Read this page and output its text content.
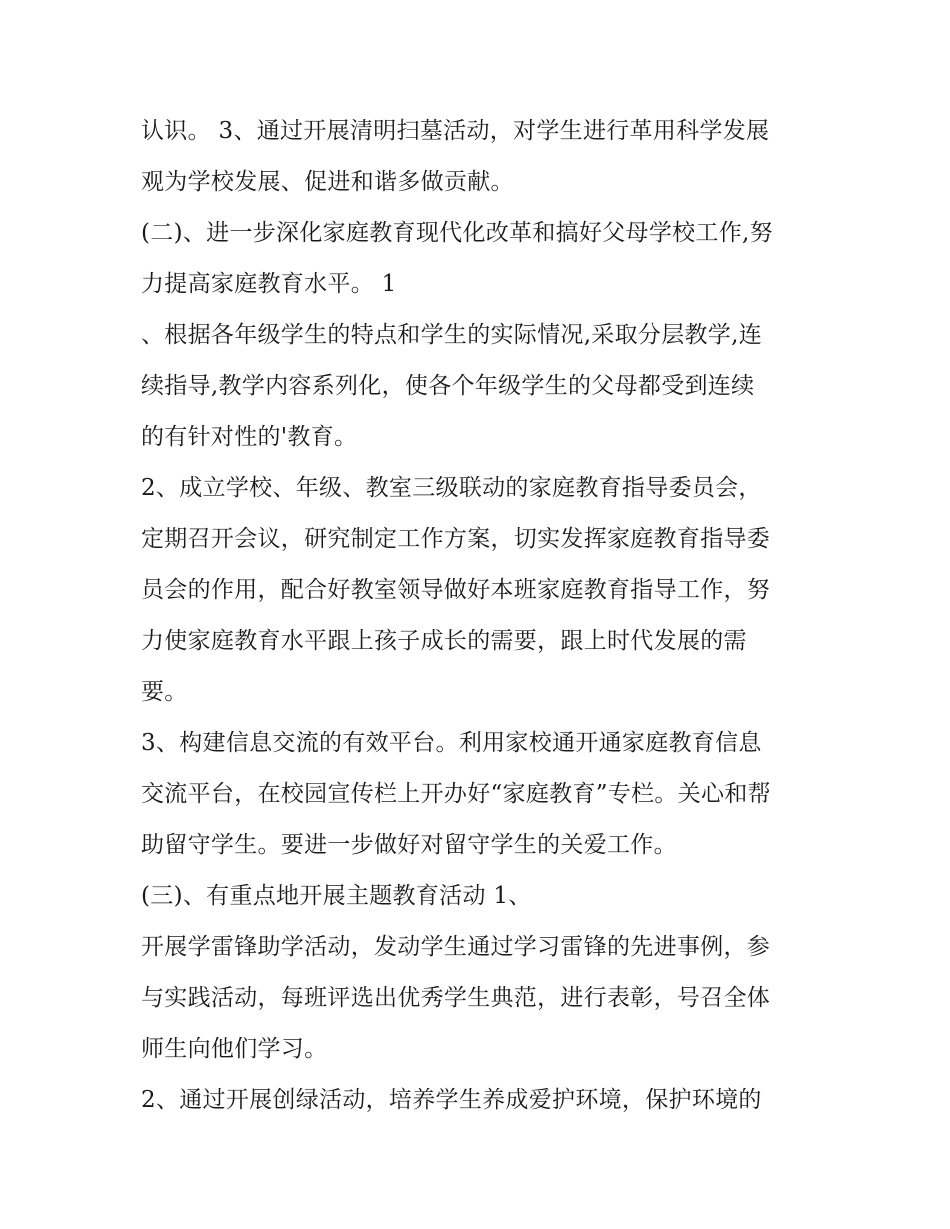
认识。 3、通过开展清明扫墓活动，对学生进行革用科学发展
观为学校发展、促进和谐多做贡献。
(二)、进一步深化家庭教育现代化改革和搞好父母学校工作,努
力提高家庭教育水平。 1
、根据各年级学生的特点和学生的实际情况,采取分层教学,连
续指导,教学内容系列化，使各个年级学生的父母都受到连续
的有针对性的'教育。
2、成立学校、年级、教室三级联动的家庭教育指导委员会，
定期召开会议，研究制定工作方案，切实发挥家庭教育指导委
员会的作用，配合好教室领导做好本班家庭教育指导工作，努
力使家庭教育水平跟上孩子成长的需要，跟上时代发展的需
要。
3、构建信息交流的有效平台。利用家校通开通家庭教育信息
交流平台，在校园宣传栏上开办好“家庭教育”专栏。关心和帮
助留守学生。要进一步做好对留守学生的关爱工作。
(三)、有重点地开展主题教育活动 1、
开展学雷锋助学活动，发动学生通过学习雷锋的先进事例，参
与实践活动，每班评选出优秀学生典范，进行表彰，号召全体
师生向他们学习。
2、通过开展创绿活动，培养学生养成爱护环境，保护环境的
